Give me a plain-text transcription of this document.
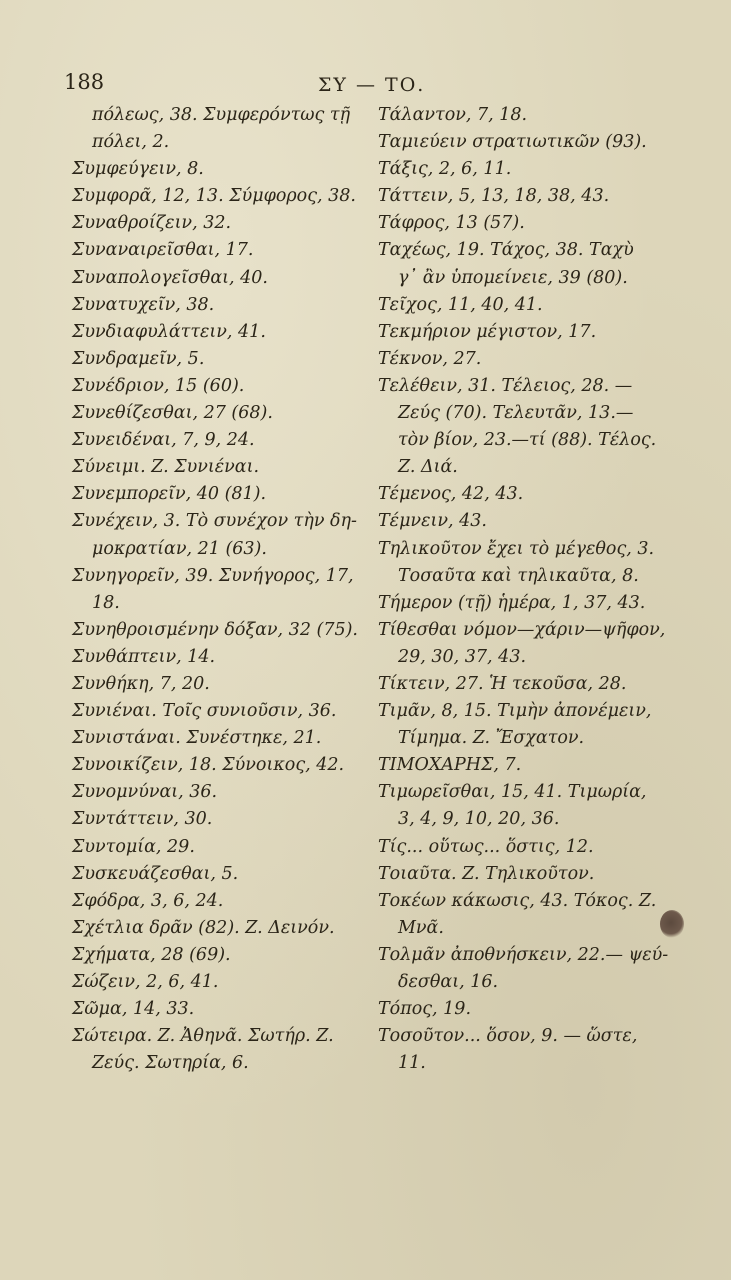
188	ΣΥ — ΤΟ.
πόλεως, 38. Συμφερόντως τῇ
πόλει, 2.
Συμφεύγειν, 8.
Συμφορᾶ, 12, 13. Σύμφορος, 38.
Συναθροίζειν, 32.
Συναναιρεῖσθαι, 17.
Συναπολογεῖσθαι, 40.
Συνατυχεῖν, 38.
Συνδιαφυλάττειν, 41.
Συνδραμεῖν, 5.
Συνέδριον, 15 (60).
Συνεθίζεσθαι, 27 (68).
Συνειδέναι, 7, 9, 24.
Σύνειμι. Z. Συνιέναι.
Συνεμπορεῖν, 40 (81).
Συνέχειν, 3. Τὸ συνέχον τὴν δη-
μοκρατίαν, 21 (63).
Συνηγορεῖν, 39. Συνήγορος, 17,
18.
Συνηθροισμένην δόξαν, 32 (75).
Συνθάπτειν, 14.
Συνθήκη, 7, 20.
Συνιέναι. Τοῖς συνιοῦσιν, 36.
Συνιστάναι. Συνέστηκε, 21.
Συνοικίζειν, 18. Σύνοικος, 42.
Συνομνύναι, 36.
Συντάττειν, 30.
Συντομία, 29.
Συσκευάζεσθαι, 5.
Σφόδρα, 3, 6, 24.
Σχέτλια δρᾶν (82). Z. Δεινόν.
Σχήματα, 28 (69).
Σώζειν, 2, 6, 41.
Σῶμα, 14, 33.
Σώτειρα. Z. Ἀθηνᾶ. Σωτήρ. Z.
Ζεύς. Σωτηρία, 6.
Τάλαντον, 7, 18.
Ταμιεύειν στρατιωτικῶν (93).
Τάξις, 2, 6, 11.
Τάττειν, 5, 13, 18, 38, 43.
Τάφρος, 13 (57).
Ταχέως, 19. Τάχος, 38. Ταχὺ
γ᾽ ἂν ὑπομείνειε, 39 (80).
Τεῖχος, 11, 40, 41.
Τεκμήριον μέγιστον, 17.
Τέκνον, 27.
Τελέθειν, 31. Τέλειος, 28. —
Ζεύς (70). Τελευτᾶν, 13.—
τὸν βίον, 23.—τί (88). Τέλος.
Z. Διά.
Τέμενος, 42, 43.
Τέμνειν, 43.
Τηλικοῦτον ἔχει τὸ μέγεθος, 3.
Τοσαῦτα καὶ τηλικαῦτα, 8.
Τήμερον (τῇ) ἡμέρα, 1, 37, 43.
Τίθεσθαι νόμον—χάριν—ψῆφον,
29, 30, 37, 43.
Τίκτειν, 27. Ἡ τεκοῦσα, 28.
Τιμᾶν, 8, 15. Τιμὴν ἀπονέμειν,
Τίμημα. Z. Ἔσχατον.
ΤΙΜΟΧΑΡΗΣ, 7.
Τιμωρεῖσθαι, 15, 41. Τιμωρία,
3, 4, 9, 10, 20, 36.
Τίς... οὕτως... ὅστις, 12.
Τοιαῦτα. Z. Τηλικοῦτον.
Τοκέων κάκωσις, 43. Τόκος. Z.
Μνᾶ.
Τολμᾶν ἀποθνήσκειν, 22.— ψεύ-
δεσθαι, 16.
Τόπος, 19.
Τοσοῦτον... ὅσον, 9. — ὥστε,
11.
